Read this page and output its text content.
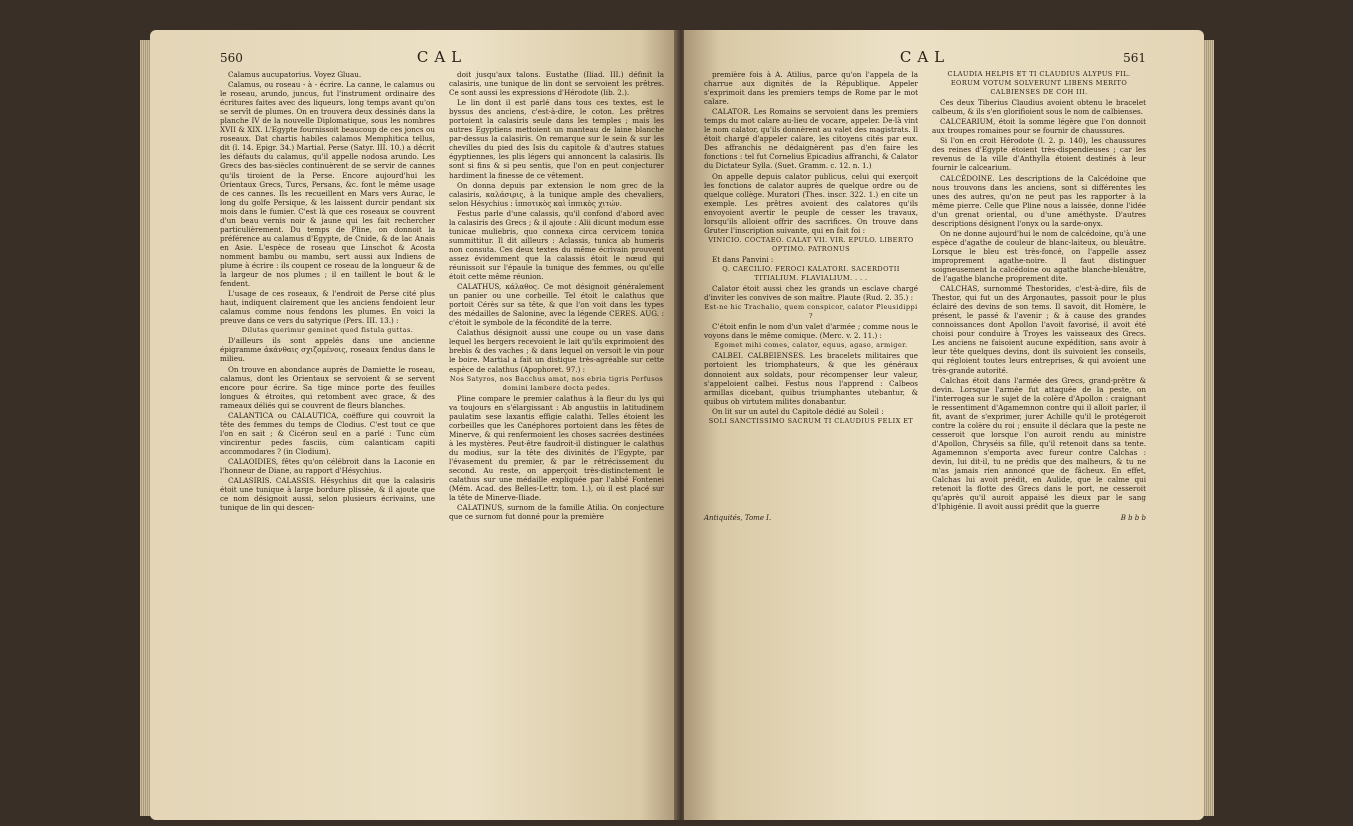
560	CAL

Calamus aucupatorius. Voyez Gluau.

Calamus, ou roseau - à - écrire. La canne, le calamus ou le roseau, arundo, juncus, fut l'instrument ordinaire des écritures faites avec des liqueurs, long temps avant qu'on se servît de plumes. On en trouvera deux dessinés dans la planche IV de la nouvelle Diplomatique, sous les nombres XVII & XIX. L'Egypte fournissoit beaucoup de ces joncs ou roseaux. Dat chartis habiles calamos Memphitica tellus, dit (l. 14. Epigr. 34.) Martial. Perse (Satyr. III. 10.) a décrit les défauts du calamus, qu'il appelle nodosa arundo. Les Grecs des bas-siècles continuèrent de se servir de cannes qu'ils tiroient de la Perse. Encore aujourd'hui les Orientaux Grecs, Turcs, Persans, &c. font le même usage de ces cannes. Ils les recueillent en Mars vers Aurac, le long du golfe Persique, & les laissent durcir pendant six mois dans le fumier. C'est là que ces roseaux se couvrent d'un beau vernis noir & jaune qui les fait rechercher particulièrement. Du temps de Pline, on donnoit la préférence au calamus d'Egypte, de Cnide, & de lac Anais en Asie. L'espèce de roseau que Linschot & Acosta nomment bambu ou mambu, sert aussi aux Indiens de plume à écrire : ils coupent ce roseau de la longueur & de la largeur de nos plumes ; il en taillent le bout & le fendent.

L'usage de ces roseaux, & l'endroit de Perse cité plus haut, indiquent clairement que les anciens fendoient leur calamus comme nous fendons les plumes. En voici la preuve dans ce vers du satyrique (Pers. III. 13.) :

Dilutas querimur geminet quod fistula guttas.

D'ailleurs ils sont appelés dans une ancienne épigramme ἀκάνθαις σχιζομένοις, roseaux fendus dans le milieu.

On trouve en abondance auprès de Damiette le roseau, calamus, dont les Orientaux se servoient & se servent encore pour écrire. Sa tige mince porte des feuilles longues & étroites, qui retombent avec grace, & des rameaux déliés qui se couvrent de fleurs blanches.

CALANTICA ou CALAUTICA, coëffure qui couvroit la tête des femmes du temps de Clodius. C'est tout ce que l'on en sait ; & Cicéron seul en a parlé : Tunc cùm vincirentur pedes fasciis, cùm calanticam capiti accommodares ? (in Clodium).

CALAOIDIES, fêtes qu'on célébroit dans la Laconie en l'honneur de Diane, au rapport d'Hésychius.

CALASIRIS. CALASSIS. Hésychius dit que la calasiris étoit une tunique à large bordure plissée, & il ajoute que ce nom désignoit aussi, selon plusieurs écrivains, une tunique de lin qui descen-

doit jusqu'aux talons. Eustathe (Iliad. III.) définit la calasiris, une tunique de lin dont se servoient les prêtres. Ce sont aussi les expressions d'Hérodote (lib. 2.).

Le lin dont il est parlé dans tous ces textes, est le byssus des anciens, c'est-à-dire, le coton. Les prêtres portoient la calasiris seule dans les temples ; mais les autres Egyptiens mettoient un manteau de laine blanche par-dessus la calasiris. On remarque sur le sein & sur les chevilles du pied des Isis du capitole & d'autres statues égyptiennes, les plis légers qui annoncent la calasiris. Ils sont si fins & si peu sentis, que l'on en peut conjecturer hardiment la finesse de ce vêtement.

On donna depuis par extension le nom grec de la calasiris, καλάσιρις, à la tunique ample des chevaliers, selon Hésychius : ἱπποτικὸς καὶ ἱππικὸς χιτών.

Festus parle d'une calassis, qu'il confond d'abord avec la calasiris des Grecs ; & il ajoute : Alii dicunt modum esse tunicae muliebris, quo connexa circa cervicem tonica summittitur. Il dit ailleurs : Aclassis, tunica ab humeris non consuta. Ces deux textes du même écrivain prouvent assez évidemment que la calassis étoit le nœud qui réunissoit sur l'épaule la tunique des femmes, ou qu'elle étoit cette même réunion.

CALATHUS, κάλαθος. Ce mot désignoit généralement un panier ou une corbeille. Tel étoit le calathus que portoit Cérès sur sa tête, & que l'on voit dans les types des médailles de Salonine, avec la légende CERES. AUG. : c'étoit le symbole de la fécondité de la terre.

Calathus désignoit aussi une coupe ou un vase dans lequel les bergers recevoient le lait qu'ils exprimoient des brebis & des vaches ; & dans lequel on versoit le vin pour le boire. Martial a fait un distique très-agréable sur cette espèce de calathus (Apophoret. 97.) :

Nos Satyros, nos Bacchus amat, nos ebria tigris Perfusos domini lambere docta pedes.

Pline compare le premier calathus à la fleur du lys qui va toujours en s'élargissant : Ab angustiis in latitudinem paulatim sese laxantis effigie calathi. Telles étoient les corbeilles que les Canéphores portoient dans les fêtes de Minerve, & qui renfermoient les choses sacrées destinées à les mystères. Peut-être faudroit-il distinguer le calathus du modius, sur la tête des divinités de l'Egypte, par l'évasement du premier, & par le rétrécissement du second. Au reste, on apperçoit très-distinctement le calathus sur une médaille expliquée par l'abbé Fontenei (Mém. Acad. des Belles-Lettr. tom. 1.), où il est placé sur la tête de Minerve-Iliade.

CALATINUS, surnom de la famille Atilia. On conjecture que ce surnom fut donné pour la première

CAL	561

première fois à A. Atilius, parce qu'on l'appela de la charrue aux dignités de la République. Appeler s'exprimoit dans les premiers temps de Rome par le mot calare.

CALATOR. Les Romains se servoient dans les premiers temps du mot calare au-lieu de vocare, appeler. De-là vint le nom calator, qu'ils donnèrent au valet des magistrats. Il étoit chargé d'appeler calare, les citoyens cités par eux. Des affranchis ne dédaignèrent pas d'en faire les fonctions : tel fut Cornelius Epicadius affranchi, & Calator du Dictateur Sylla. (Suet. Gramm. c. 12. n. 1.)

On appelle depuis calator publicus, celui qui exerçoit les fonctions de calator auprès de quelque ordre ou de quelque collège. Muratori (Thes. inscr. 322. 1.) en cite un exemple. Les prêtres avoient des calatores qu'ils envoyoient avertir le peuple de cesser les travaux, lorsqu'ils alloient offrir des sacrifices. On trouve dans Gruter l'inscription suivante, qui en fait foi :

VINICIO. COCTAEO. CALAT VII. VIR. EPULO. LIBERTO OPTIMO. PATRONUS

Et dans Panvini :

Q. CAECILIO. FEROCI KALATORI. SACERDOTII TITIALIUM. FLAVIALIUM. . . .

Calator étoit aussi chez les grands un esclave chargé d'inviter les convives de son maître. Plaute (Rud. 2. 35.) :

Est-ne hic Trachalio, quem conspicor, calator Pleusidippi ?

C'étoit enfin le nom d'un valet d'armée ; comme nous le voyons dans le même comique. (Merc. v. 2. 11.) :

Egomet mihi comes, calator, equus, agaso, armiger.

CALBEI. CALBEIENSES. Les bracelets militaires que portoient les triomphateurs, & que les généraux donnoient aux soldats, pour récompenser leur valeur, s'appeloient calbei. Festus nous l'apprend : Calbeos armillas dicebant, quibus triumphantes utebantur, & quibus ob virtutem milites donabantur.

On lit sur un autel du Capitole dédié au Soleil :

SOLI SANCTISSIMO SACRUM TI CLAUDIUS FELIX ET

CLAUDIA HELPIS ET TI CLAUDIUS ALYPUS FIL. EORUM VOTUM SOLVERUNT LIBENS MERITO CALBIENSES DE COH III.

Ces deux Tiberius Claudius avoient obtenu le bracelet calbeum, & ils s'en glorifioient sous le nom de calbienses.

CALCEARIUM, étoit la somme légère que l'on donnoit aux troupes romaines pour se fournir de chaussures.

Si l'on en croit Hérodote (l. 2. p. 140), les chaussures des reines d'Egypte étoient très-dispendieuses ; car les revenus de la ville d'Anthylla étoient destinés à leur fournir le calcearium.

CALCÉDOINE. Les descriptions de la Calcédoine que nous trouvons dans les anciens, sont si différentes les unes des autres, qu'on ne peut pas les rapporter à la même pierre. Celle que Pline nous a laissée, donne l'idée d'un grenat oriental, ou d'une améthyste. D'autres descriptions désignent l'onyx ou la sarde-onyx.

On ne donne aujourd'hui le nom de calcédoine, qu'à une espèce d'agathe de couleur de blanc-laiteux, ou bleuâtre. Lorsque le bleu est très-foncé, on l'appelle assez improprement agathe-noire. Il faut distinguer soigneusement la calcédoine ou agathe blanche-bleuâtre, de l'agathe blanche proprement dite.

CALCHAS, surnommé Thestorides, c'est-à-dire, fils de Thestor, qui fut un des Argonautes, passoit pour le plus éclairé des devins de son tems. Il savoit, dit Homère, le présent, le passé & l'avenir ; & à cause des grandes connoissances dont Apollon l'avoit favorisé, il avoit été choisi pour conduire à Troyes les vaisseaux des Grecs. Les anciens ne faisoient aucune expédition, sans avoir à leur tête quelques devins, dont ils suivoient les conseils, qui régloient toutes leurs entreprises, & qui avoient une très-grande autorité.

Calchas étoit dans l'armée des Grecs, grand-prêtre & devin. Lorsque l'armée fut attaquée de la peste, on l'interrogea sur le sujet de la colère d'Apollon : craignant le ressentiment d'Agamemnon contre qui il alloit parler, il fit, avant de s'exprimer, jurer Achille qu'il le protégeroit contre la colère du roi ; ensuite il déclara que la peste ne cesseroit que lorsque l'on auroit rendu au ministre d'Apollon, Chryséis sa fille, qu'il retenoit dans sa tente. Agamemnon s'emporta avec fureur contre Calchas : devin, lui dit-il, tu ne prédis que des malheurs, & tu ne m'as jamais rien annoncé que de fâcheux. En effet, Calchas lui avoit prédit, en Aulide, que le calme qui retenoit la flotte des Grecs dans le port, ne cesseroit qu'après qu'il auroit appaisé les dieux par le sang d'Iphigénie. Il avoit aussi prédit que la guerre

Antiquités, Tome I.	B b b b
